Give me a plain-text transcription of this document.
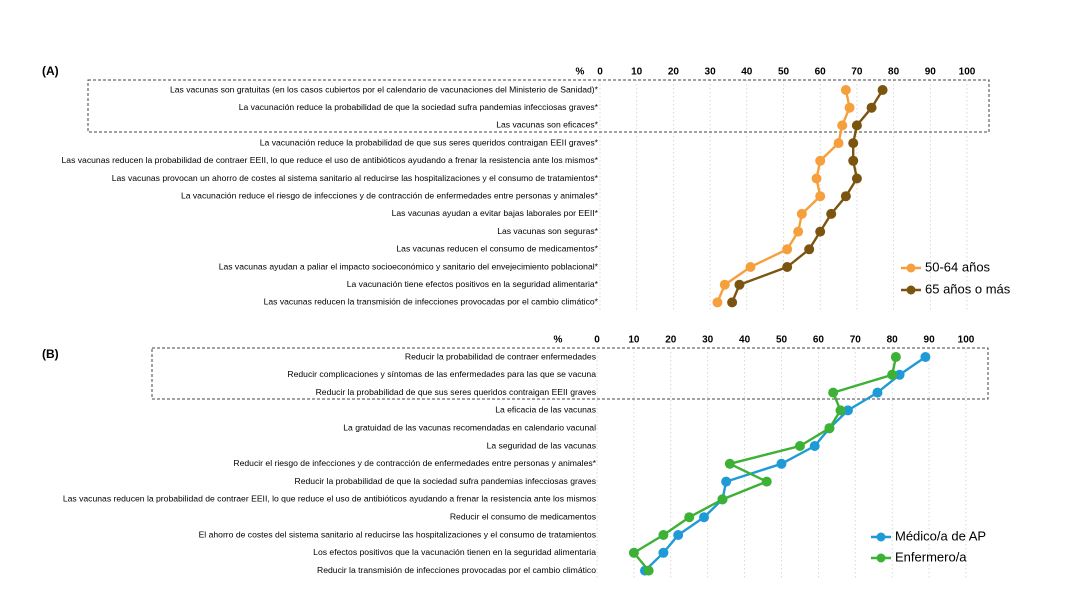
(A)	% 0	10	20	30	40	50	60	70	80	90 100
Las vacunas son gratuitas (en los casos cubiertos por el calendario de vacunaciones del Ministerio de Sanidad)*
La vacunación reduce la probabilidad de que la sociedad sufra pandemias infecciosas graves*
Las vacunas son eficaces*
La vacunación reduce la probabilidad de que sus seres queridos contraigan EEII graves*
Las vacunas reducen la probabilidad de contraer EEII, lo que reduce el uso de antibióticos ayudando a frenar la resistencia ante los mismos*
Las vacunas provocan un ahorro de costes al sistema sanitario al reducirse las hospitalizaciones y el consumo de tratamientos*
La vacunación reduce el riesgo de infecciones y de contracción de enfermedades entre personas y animales*
Las vacunas ayudan a evitar bajas laborales por EEII*
Las vacunas son seguras*
Las vacunas reducen el consumo de medicamentos*
Las vacunas ayudan a paliar el impacto socioeconómico y sanitario del envejecimiento poblacional*
La vacunación tiene efectos positivos en la seguridad alimentaria*
Las vacunas reducen la transmisión de infecciones provocadas por el cambio climático*
50-64 años
65 años o más
(B)
%	0	10	20	30	40	50	60	70	80	90 100
Reducir la probabilidad de contraer enfermedades
Reducir complicaciones y síntomas de las enfermedades para las que se vacuna
Reducir la probabilidad de que sus seres queridos contraigan EEII graves
La eficacia de las vacunas
La gratuidad de las vacunas recomendadas en calendario vacunal
La seguridad de las vacunas
Reducir el riesgo de infecciones y de contracción de enfermedades entre personas y animales*
Reducir la probabilidad de que la sociedad sufra pandemias infecciosas graves
Las vacunas reducen la probabilidad de contraer EEII, lo que reduce el uso de antibióticos ayudando a frenar la resistencia ante los mismos
Reducir el consumo de medicamentos
El ahorro de costes del sistema sanitario al reducirse las hospitalizaciones y el consumo de tratamientos
Los efectos positivos que la vacunación tienen en la seguridad alimentaria
Reducir la transmisión de infecciones provocadas por el cambio climático
Médico/a de AP
Enfermero/a
